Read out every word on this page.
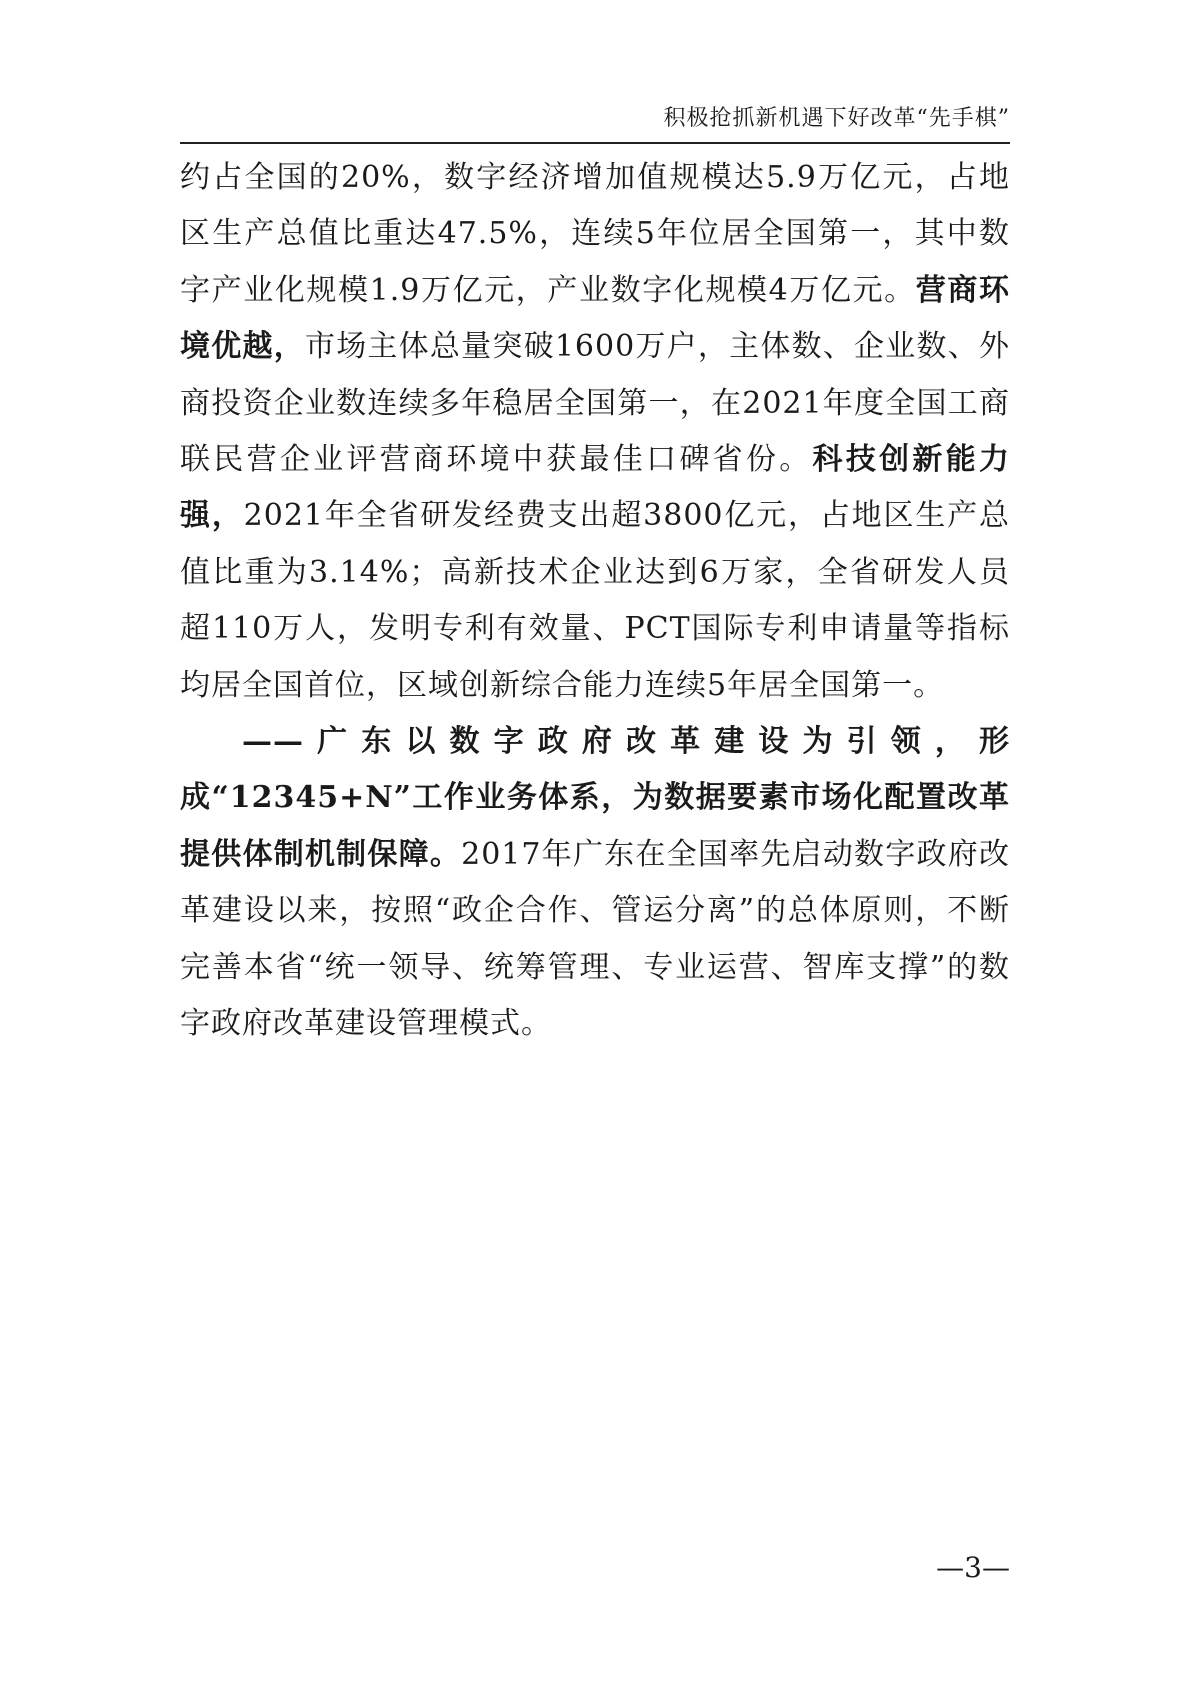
积极抢抓新机遇下好改革“先手棋”

约占全国的20%，数字经济增加值规模达5.9万亿元，占地区生产总值比重达47.5%，连续5年位居全国第一，其中数字产业化规模1.9万亿元，产业数字化规模4万亿元。营商环境优越，市场主体总量突破1600万户，主体数、企业数、外商投资企业数连续多年稳居全国第一，在2021年度全国工商联民营企业评营商环境中获最佳口碑省份。科技创新能力强，2021年全省研发经费支出超3800亿元，占地区生产总值比重为3.14%；高新技术企业达到6万家，全省研发人员超110万人，发明专利有效量、PCT国际专利申请量等指标均居全国首位，区域创新综合能力连续5年居全国第一。

——广东以数字政府改革建设为引领，形成“12345+N”工作业务体系，为数据要素市场化配置改革提供体制机制保障。2017年广东在全国率先启动数字政府改革建设以来，按照“政企合作、管运分离”的总体原则，不断完善本省“统一领导、统筹管理、专业运营、智库支撑”的数字政府改革建设管理模式。

—3—
